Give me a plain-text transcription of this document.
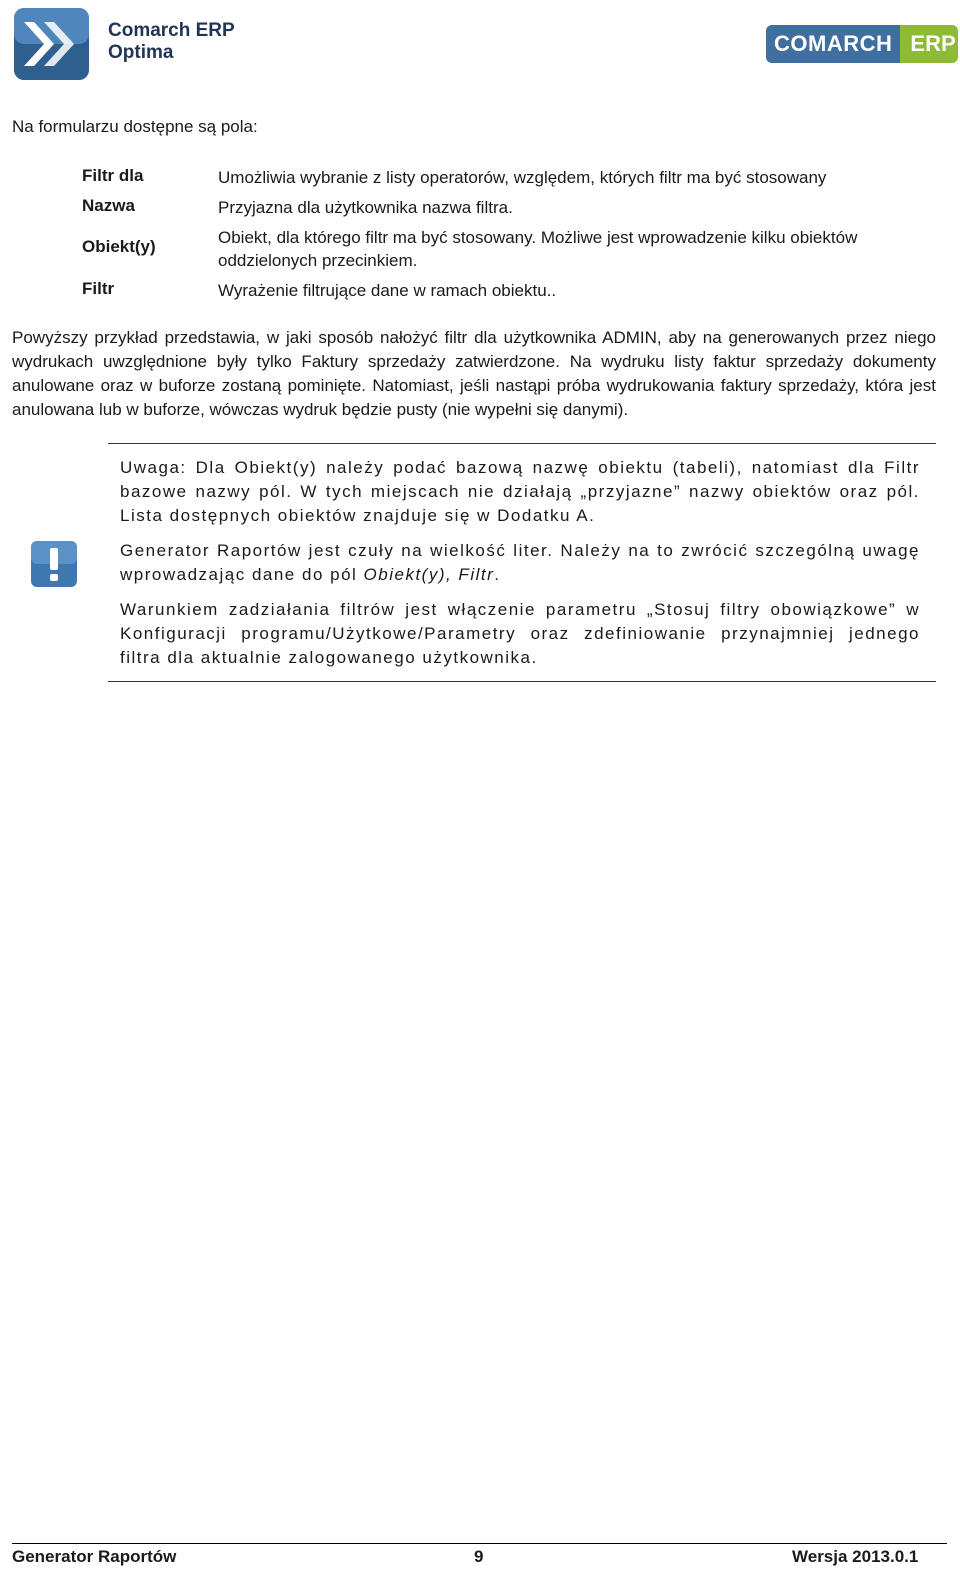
Comarch ERP
Optima	COMARCH ERP
Na formularzu dostępne są pola:
Filtr dla	Umożliwia wybranie z listy operatorów, względem, których filtr ma być stosowany
Nazwa	Przyjazna dla użytkownika nazwa filtra.
Obiekt(y)	Obiekt, dla którego filtr ma być stosowany. Możliwe jest wprowadzenie kilku obiektów oddzielonych przecinkiem.
Filtr	Wyrażenie filtrujące dane w ramach obiektu..
Powyższy przykład przedstawia, w jaki sposób nałożyć filtr dla użytkownika ADMIN, aby na generowanych przez niego wydrukach uwzględnione były tylko Faktury sprzedaży zatwierdzone. Na wydruku listy faktur sprzedaży dokumenty anulowane oraz w buforze zostaną pominięte. Natomiast, jeśli nastąpi próba wydrukowania faktury sprzedaży, która jest anulowana lub w buforze, wówczas wydruk będzie pusty (nie wypełni się danymi).
Uwaga: Dla Obiekt(y) należy podać bazową nazwę obiektu (tabeli), natomiast dla Filtr bazowe nazwy pól. W tych miejscach nie działają „przyjazne” nazwy obiektów oraz pól. Lista dostępnych obiektów znajduje się w Dodatku A.
Generator Raportów jest czuły na wielkość liter. Należy na to zwrócić szczególną uwagę wprowadzając dane do pól Obiekt(y), Filtr.
Warunkiem zadziałania filtrów jest włączenie parametru „Stosuj filtry obowiązkowe” w Konfiguracji programu/Użytkowe/Parametry oraz zdefiniowanie przynajmniej jednego filtra dla aktualnie zalogowanego użytkownika.
Generator Raportów	9	Wersja 2013.0.1
